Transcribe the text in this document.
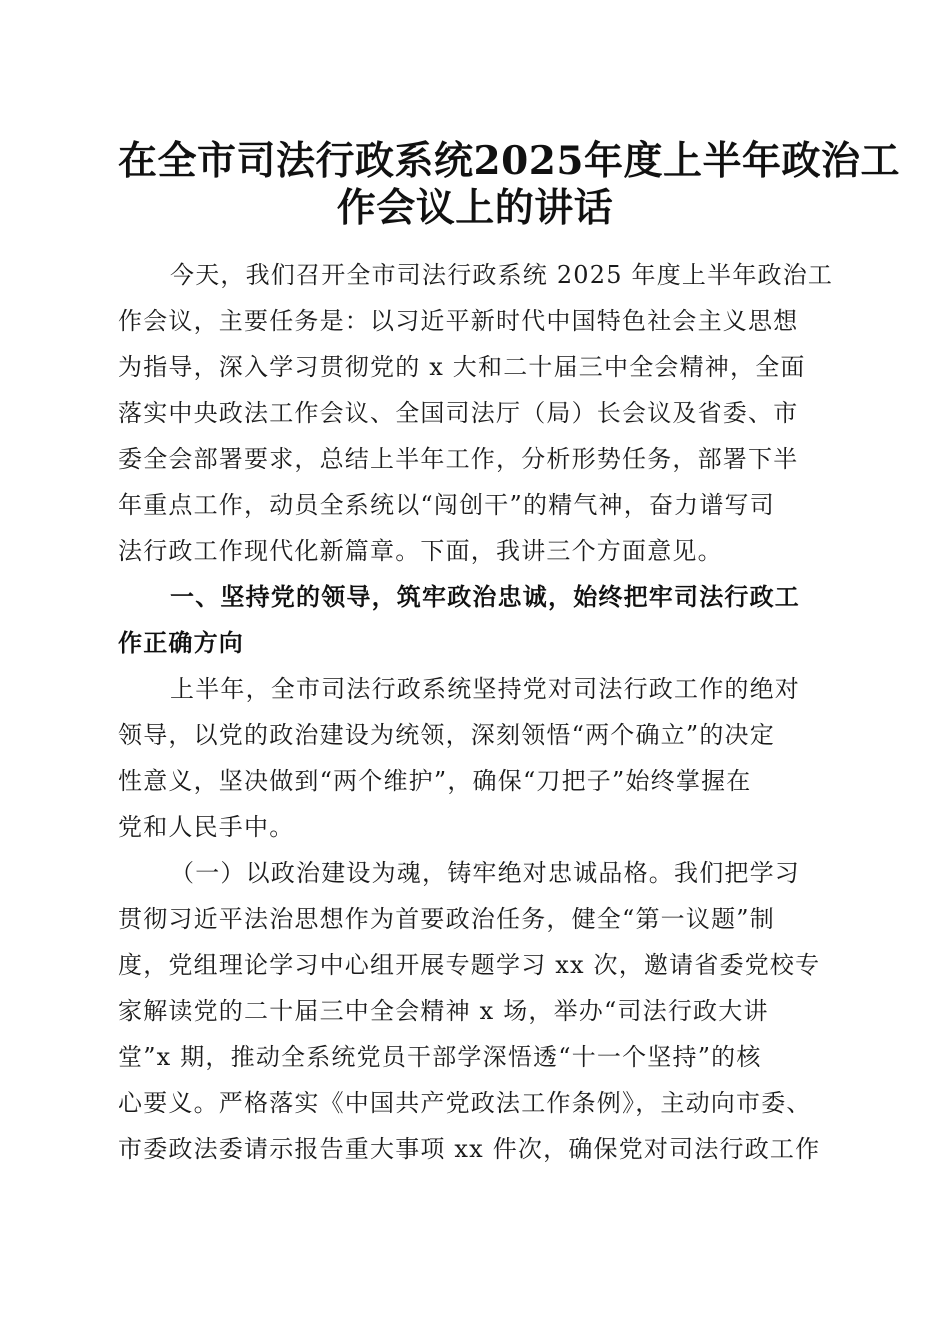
在全市司法行政系统2025年度上半年政治工
作会议上的讲话
今天，我们召开全市司法行政系统 2025 年度上半年政治工
作会议，主要任务是：以习近平新时代中国特色社会主义思想
为指导，深入学习贯彻党的 x 大和二十届三中全会精神，全面
落实中央政法工作会议、全国司法厅（局）长会议及省委、市
委全会部署要求，总结上半年工作，分析形势任务，部署下半
年重点工作，动员全系统以“闯创干”的精气神，奋力谱写司
法行政工作现代化新篇章。下面，我讲三个方面意见。
一、坚持党的领导，筑牢政治忠诚，始终把牢司法行政工
作正确方向
上半年，全市司法行政系统坚持党对司法行政工作的绝对
领导，以党的政治建设为统领，深刻领悟“两个确立”的决定
性意义，坚决做到“两个维护”，确保“刀把子”始终掌握在
党和人民手中。
（一）以政治建设为魂，铸牢绝对忠诚品格。我们把学习
贯彻习近平法治思想作为首要政治任务，健全“第一议题”制
度，党组理论学习中心组开展专题学习 xx 次，邀请省委党校专
家解读党的二十届三中全会精神 x 场，举办“司法行政大讲
堂”x 期，推动全系统党员干部学深悟透“十一个坚持”的核
心要义。严格落实《中国共产党政法工作条例》，主动向市委、
市委政法委请示报告重大事项 xx 件次，确保党对司法行政工作
